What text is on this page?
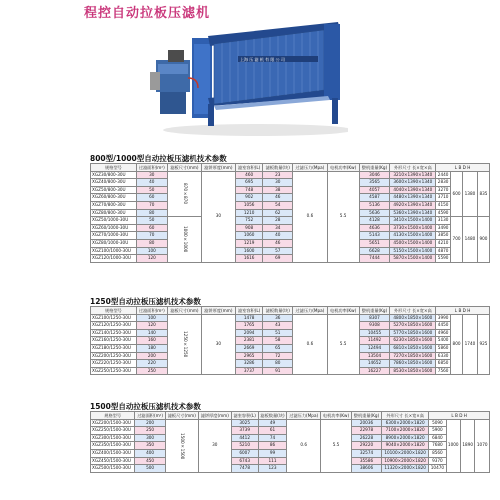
程控自动拉板压滤机
上海 压 滤 机 有 限 公 司
800型/1000型自动拉板压滤机技术参数
规格型号	过滤面积(m²)	滤板尺寸(mm)	滤饼厚度(mm)	滤室容积(L)	滤板数量(块)	过滤压力(Mpa)	电机功率(Kw)	整机重量(Kg)	外形尺寸 长×宽×高	L B D H			
XGZ30/800-30U	30	870×870	30	460	23	0.6	5.5	3046	3210×1390×1340	2440	600	1380	835
XGZ40/800-30U	40			695	30			3565	3600×1390×1340	2830			
XGZ50/800-30U	50			748	38			4057	4040×1390×1340	3270			
XGZ60/800-30U	60			902	46			4587	4480×1390×1340	3710			
XGZ70/800-30U	70			1056	54			5136	4920×1390×1340	4150			
XGZ80/800-30U	80			1210	62			5636	5360×1390×1340	4590			
XGZ50/1000-30U	50	1000×1000		752	28			4128	3410×1500×1400	3130	700	1480	900
XGZ60/1000-30U	60			908	34			4636	3730×1500×1400	3490			
XGZ70/1000-30U	70			1060	40			5143	4130×1500×1400	3850			
XGZ80/1000-30U	80			1219	46			5651	4500×1500×1400	4210			
XGZ100/1000-30U	100			1600	57			6628	5150×1500×1400	4870			
XGZ120/1000-30U	120			1616	69			7444	5870×1500×1400	5590			
1250型自动拉板压滤机技术参数
规格型号	过滤面积(m²)	滤板尺寸(mm)	滤饼厚度(mm)	滤室容积(L)	滤板数量(块)	过滤压力(Mpa)	电机功率(Kw)	整机重量(Kg)	外形尺寸 长×宽×高	L B D H			
XGZ100/1250-30U	100	1250×1250	30	1478	36	0.6	5.5	8307	4800×1850×1600	3990	800	1740	925
XGZ120/1250-30U	120			1765	43			9308	5270×1850×1600	4450			
XGZ140/1250-30U	140			2094	51			10455	5770×1850×1600	4960			
XGZ160/1250-30U	160			2381	58			11492	6230×1850×1600	5400			
XGZ180/1250-30U	180			2669	65			12494	6810×1850×1600	5860			
XGZ200/1250-30U	200			2965	72			13504	7270×1850×1600	6330			
XGZ220/1250-30U	220			3286	80			14652	7860×1850×1600	6850			
XGZ250/1250-30U	250			3737	91			16227	8530×1850×1600	7560			
1500型自动拉板压滤机技术参数
规格型号	过滤面积(m²)	滤板尺寸(mm)	滤饼厚度(mm)	滤室容积(L)	滤板数量(块)	过滤压力(Mpa)	电机功率(Kw)	整机重量(Kg)	外形尺寸 长×宽×高	L B D H			
XGZ200/1500-30U	200	1500×1500	30	3025	49	0.6	5.5	20036	6300×2000×1820	5090	1000	1890	1070
XGZ250/1500-30U	250			3739	61			22978	7100×2000×1820	5900			
XGZ300/1500-30U	300			4412	74			26228	8900×2000×1820	6840			
XGZ350/1500-30U	350			5210	86			29220	9040×2000×1820	7680			
XGZ400/1500-30U	400			6007	99			32574	10100×2000×1820	8560			
XGZ450/1500-30U	450			6743	111			35586	10900×2000×1820	9370			
XGZ500/1500-30U	500			7478	123			38606	11320×2000×1820	10470			
